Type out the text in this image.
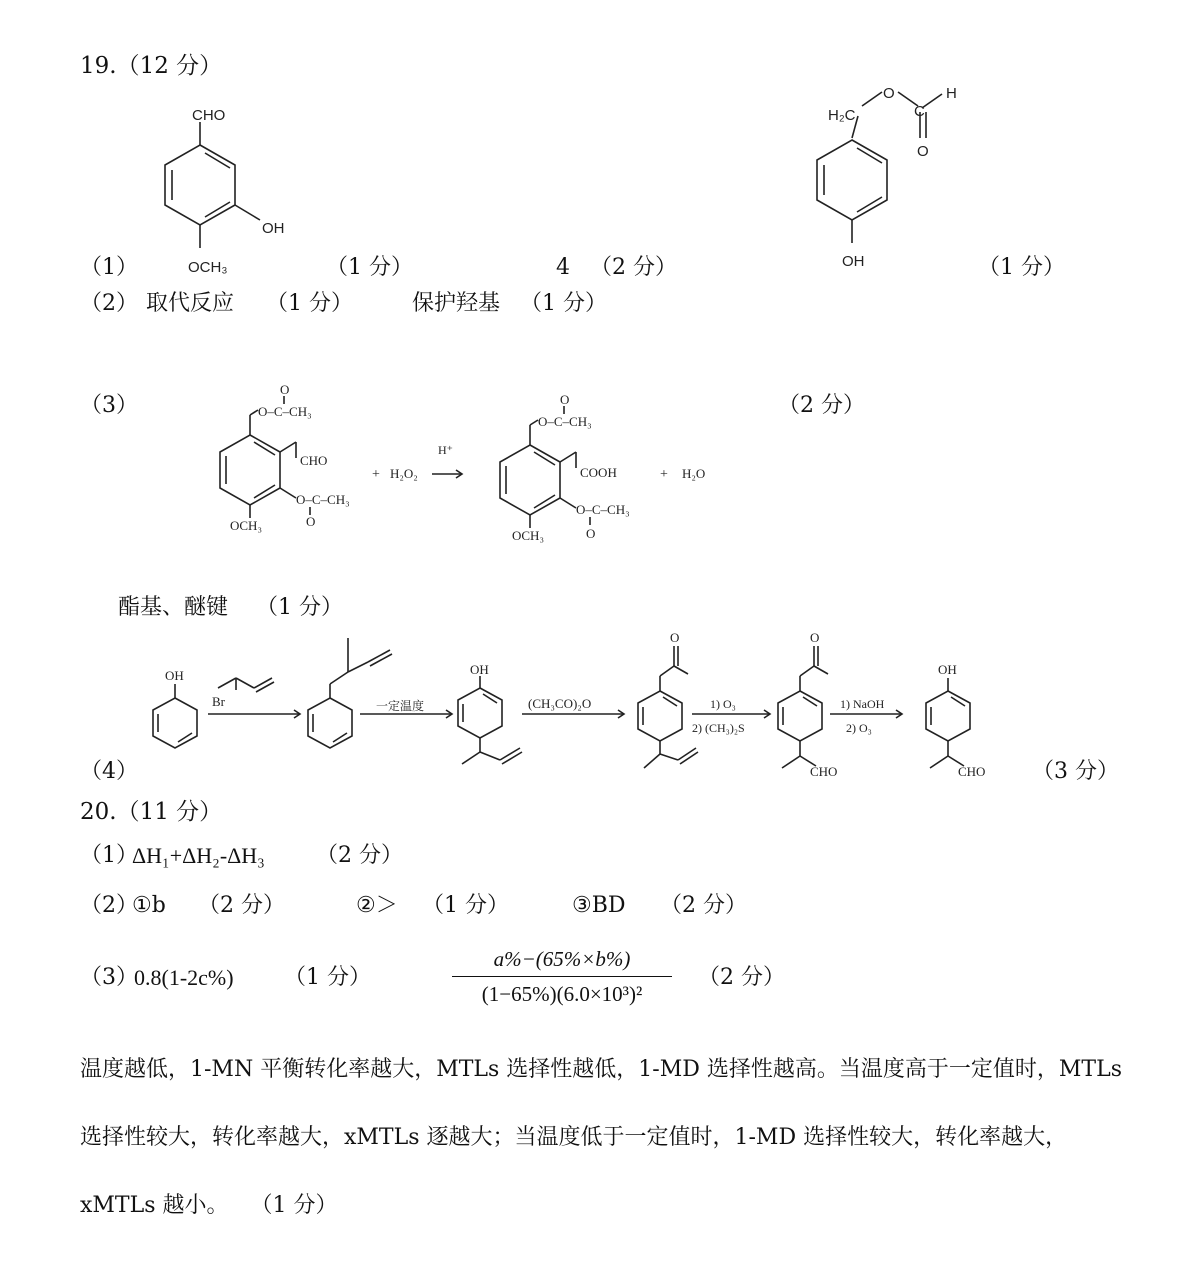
19.（12 分）
CHO
OH
OCH₃
（1）	（1 分）	4 （2 分）
H₂C
O
C
H
O
OH	（1 分）
（2） 取代反应 （1 分）	保护羟基 （1 分）
（3）	（2 分）
O
O–C–CH₃
CHO
O–C–CH₃
O
OCH₃
+ H₂O₂
H⁺
O
O–C–CH₃
COOH
O–C–CH₃
O
OCH₃
+ H₂O
酯基、醚键 （1 分）
OH
Br	一定温度
OH
(CH₃CO)₂O
O
1) O₃
2) (CH₃)₂S
O
CHO
1) NaOH
2) O₃
OH
CHO
（4）	（3 分）
20.（11 分）
（1）
ΔH₁+ΔH₂-ΔH₃ （2 分）
（2）
①b （2 分）	②＞ （1 分）	③BD （2 分）
（3）
0.8(1-2c%) （1 分）
a%−(65%×b%)
(1−65%)(6.0×10³)²
（2 分）
温度越低，1-MN 平衡转化率越大，MTLs 选择性越低，1-MD 选择性越高。当温度高于一定值时，MTLs 选择性较大，转化率越大，xMTLs 逐越大；当温度低于一定值时，1-MD 选择性较大，转化率越大，xMTLs 越小。 （1 分）
